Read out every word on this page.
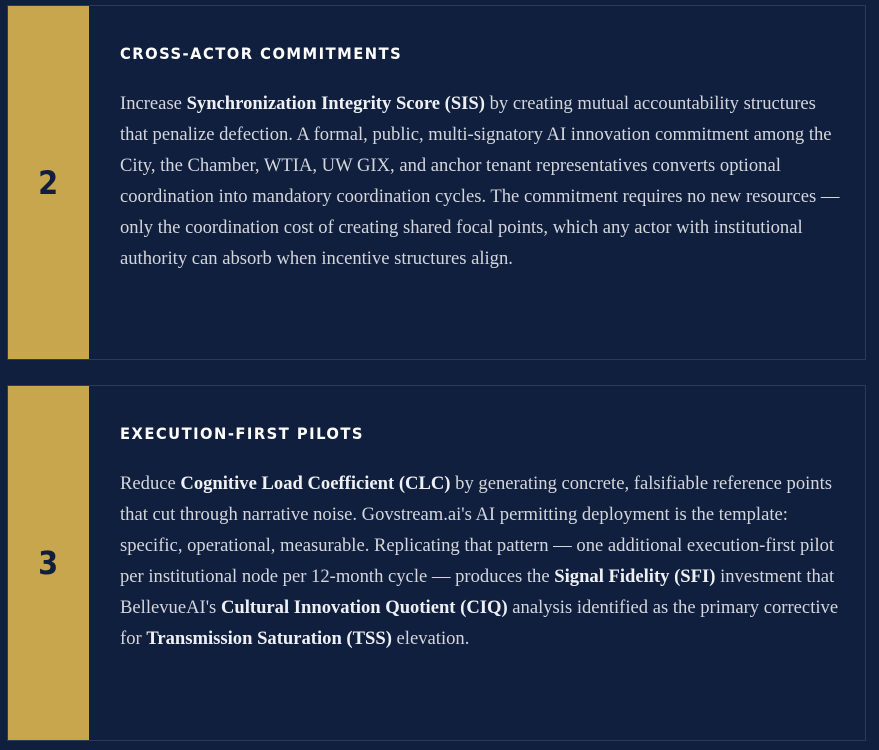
2
CROSS-ACTOR COMMITMENTS
Increase Synchronization Integrity Score (SIS) by creating mutual accountability structures that penalize defection. A formal, public, multi-signatory AI innovation commitment among the City, the Chamber, WTIA, UW GIX, and anchor tenant representatives converts optional coordination into mandatory coordination cycles. The commitment requires no new resources — only the coordination cost of creating shared focal points, which any actor with institutional authority can absorb when incentive structures align.
3
EXECUTION-FIRST PILOTS
Reduce Cognitive Load Coefficient (CLC) by generating concrete, falsifiable reference points that cut through narrative noise. Govstream.ai's AI permitting deployment is the template: specific, operational, measurable. Replicating that pattern — one additional execution-first pilot per institutional node per 12-month cycle — produces the Signal Fidelity (SFI) investment that BellevueAI's Cultural Innovation Quotient (CIQ) analysis identified as the primary corrective for Transmission Saturation (TSS) elevation.
